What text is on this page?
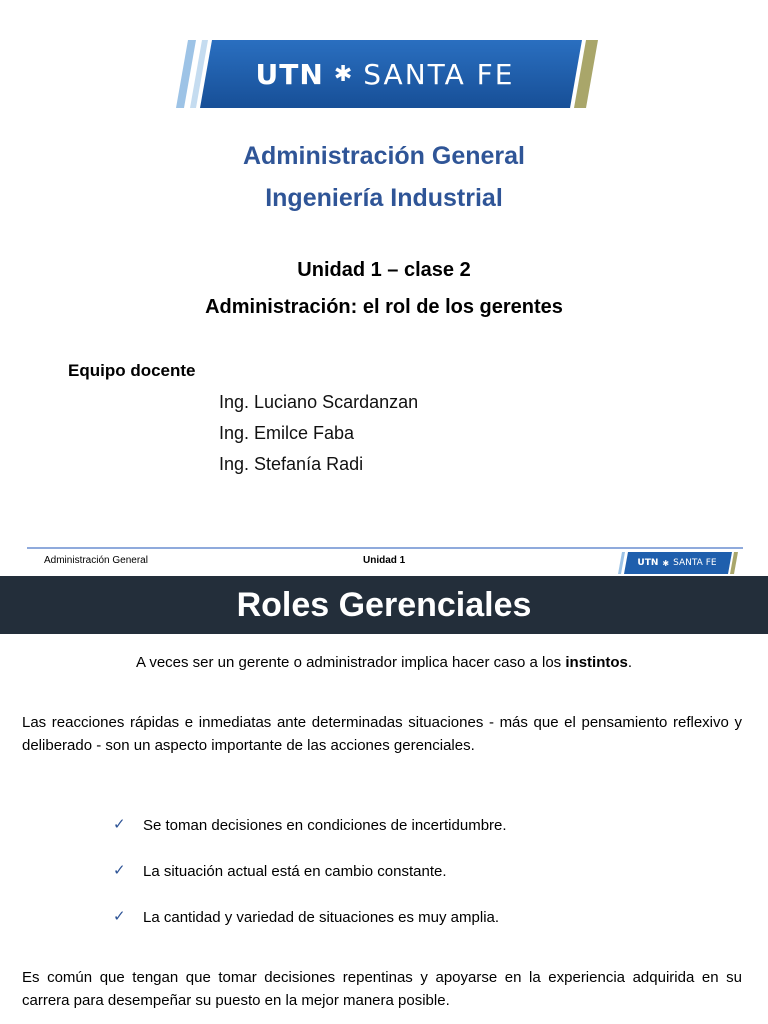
UTN ✱ SANTA FE
Administración General
Ingeniería Industrial
Unidad 1 – clase 2
Administración: el rol de los gerentes
Equipo docente
Ing. Luciano Scardanzan
Ing. Emilce Faba
Ing. Stefanía Radi
Administración General	Unidad 1	UTN ✱ SANTA FE
Roles Gerenciales
A veces ser un gerente o administrador implica hacer caso a los instintos.

Las reacciones rápidas e inmediatas ante determinadas situaciones - más que el pensamiento reflexivo y deliberado - son un aspecto importante de las acciones gerenciales.

✓	Se toman decisiones en condiciones de incertidumbre.
✓	La situación actual está en cambio constante.
✓	La cantidad y variedad de situaciones es muy amplia.

Es común que tengan que tomar decisiones repentinas y apoyarse en la experiencia adquirida en su carrera para desempeñar su puesto en la mejor manera posible.
